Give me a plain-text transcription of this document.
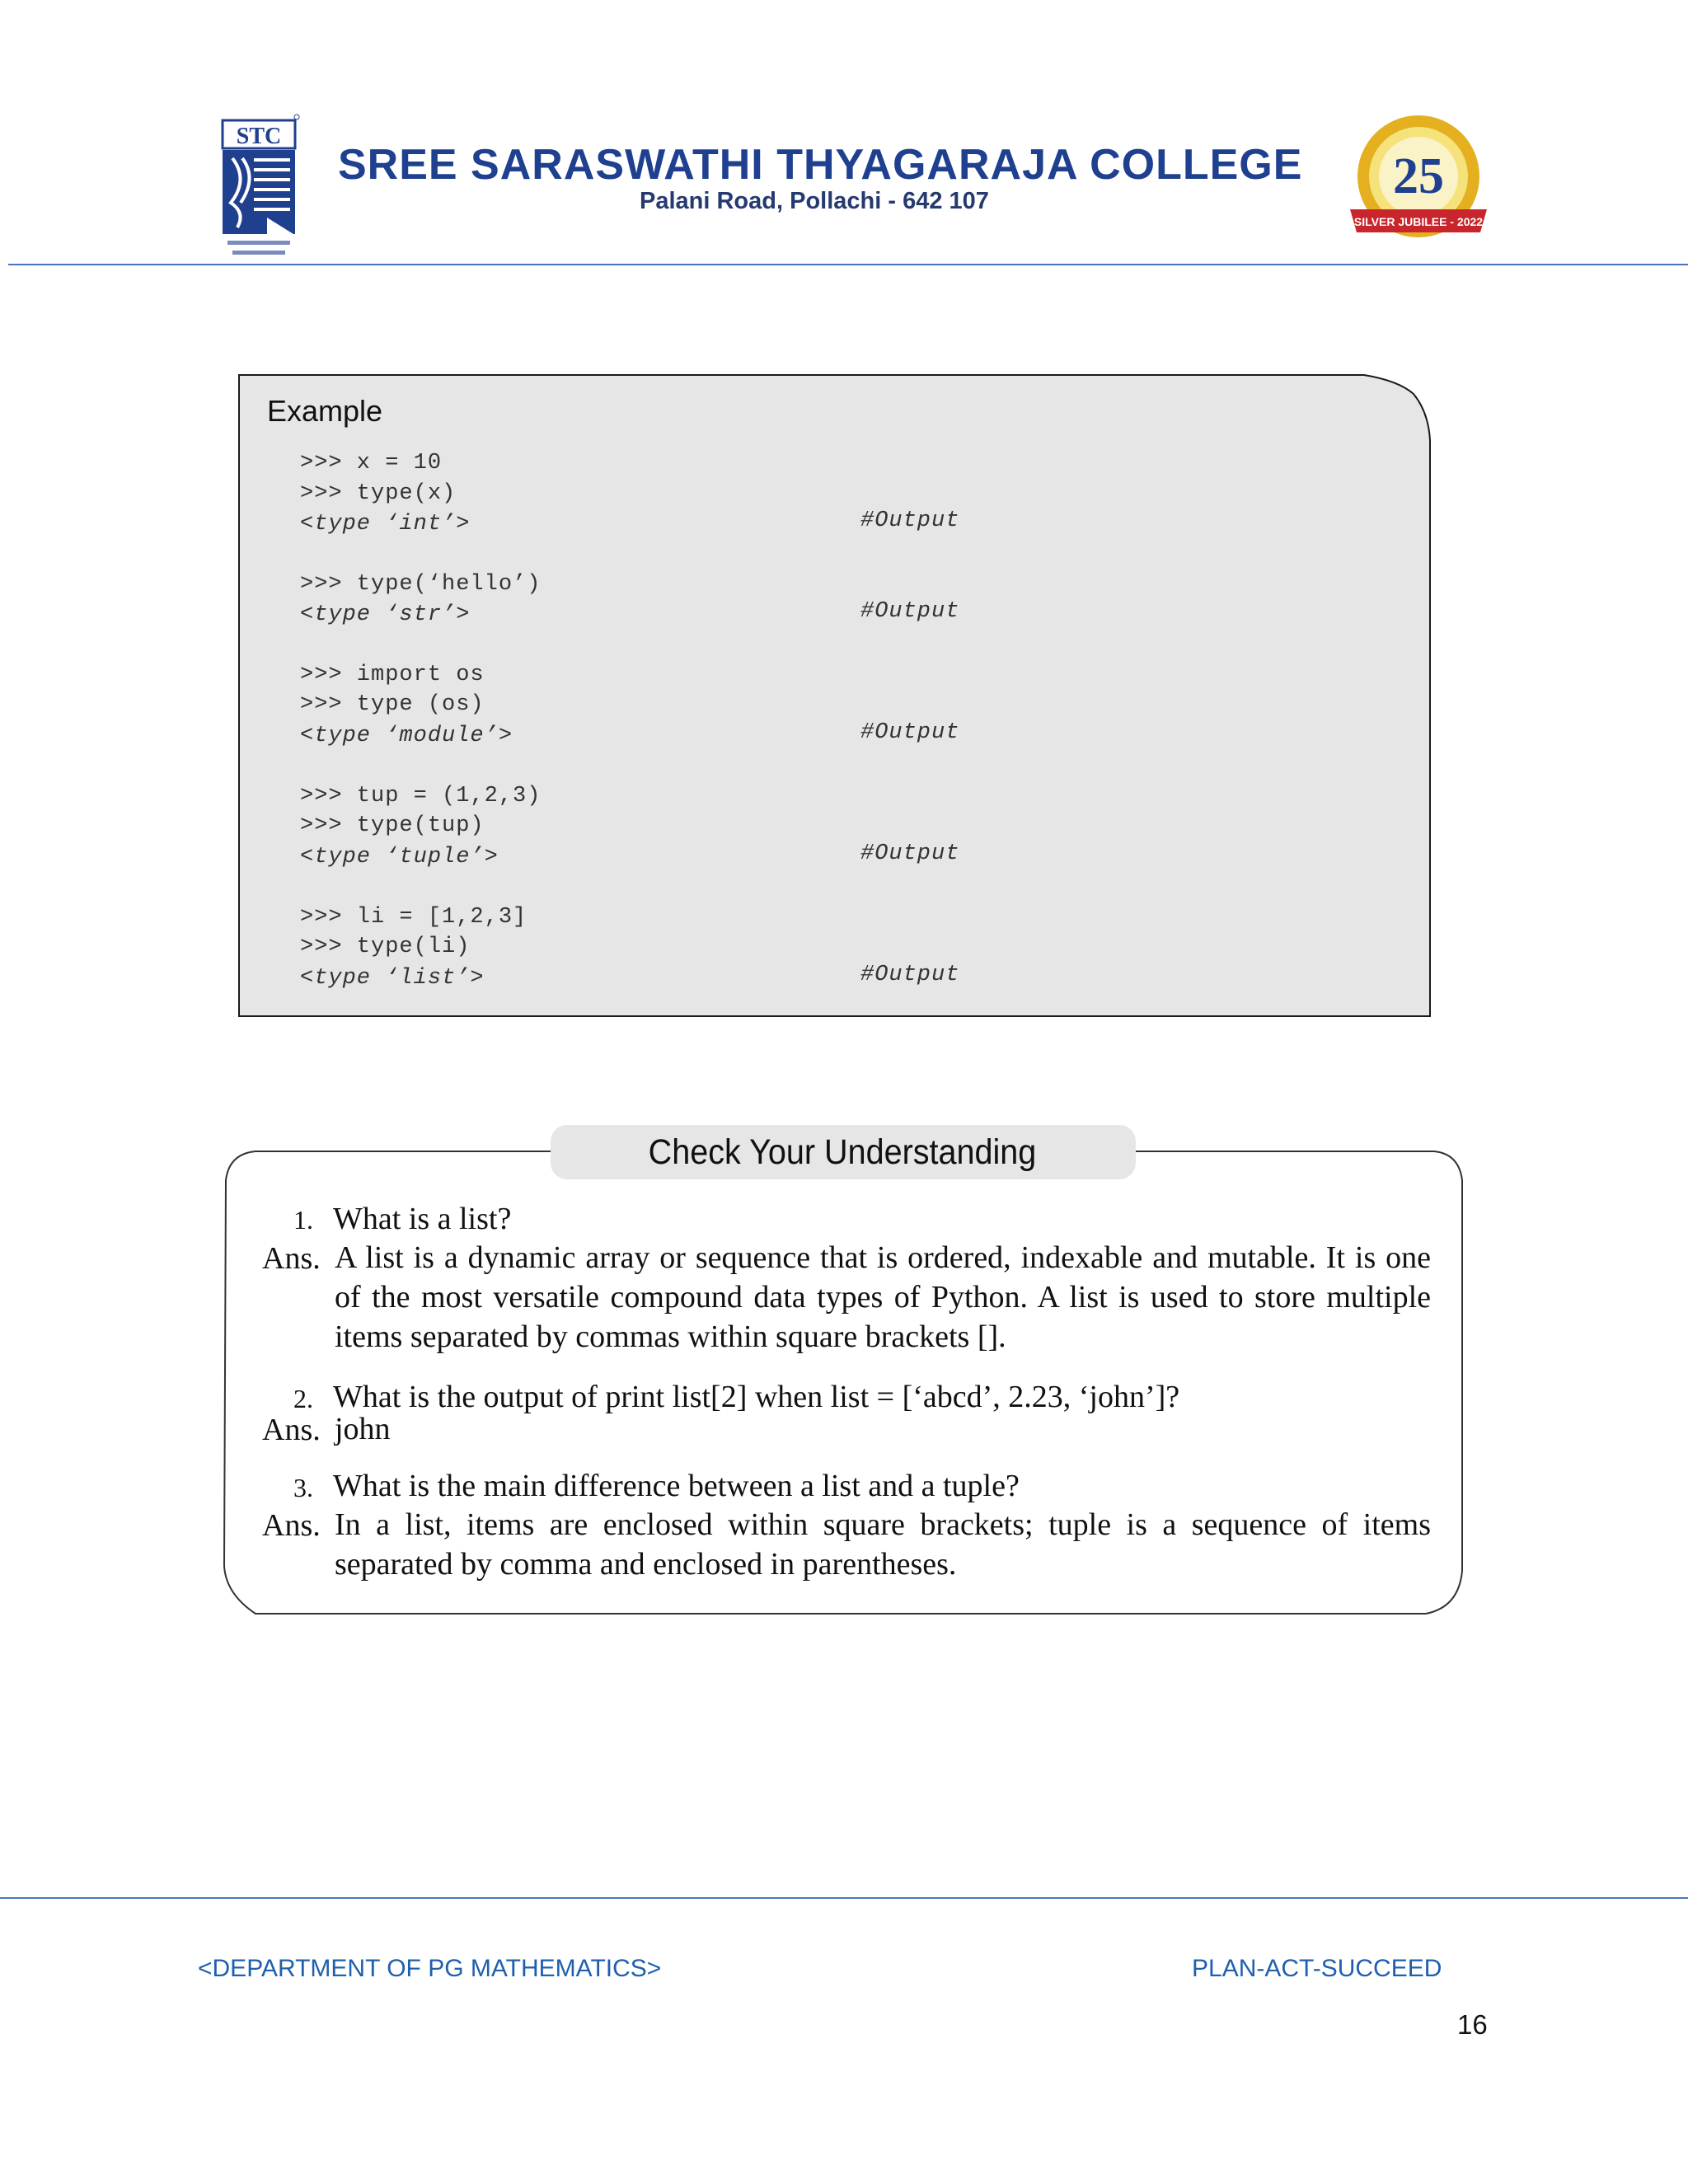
STC
SREE SARASWATHI THYAGARAJA COLLEGE
Palani Road, Pollachi - 642 107	25
SILVER JUBILEE - 2022
Example
>>> x = 10
>>> type(x)
<type ‘int’>	#Output
>>> type(‘hello’)
<type ‘str’>	#Output
>>> import os
>>> type (os)
<type ‘module’>	#Output
>>> tup = (1,2,3)
>>> type(tup)
<type ‘tuple’>	#Output
>>> li = [1,2,3]
>>> type(li)
<type ‘list’>	#Output
Check Your Understanding
1. What is a list?
Ans. A list is a dynamic array or sequence that is ordered, indexable and mutable. It is one of the most versatile compound data types of Python. A list is used to store multiple items separated by commas within square brackets [].
2. What is the output of print list[2] when list = [‘abcd’, 2.23, ‘john’]?
Ans. john
3. What is the main difference between a list and a tuple?
Ans. In a list, items are enclosed within square brackets; tuple is a sequence of items separated by comma and enclosed in parentheses.
<DEPARTMENT OF PG MATHEMATICS>	PLAN-ACT-SUCCEED
16
